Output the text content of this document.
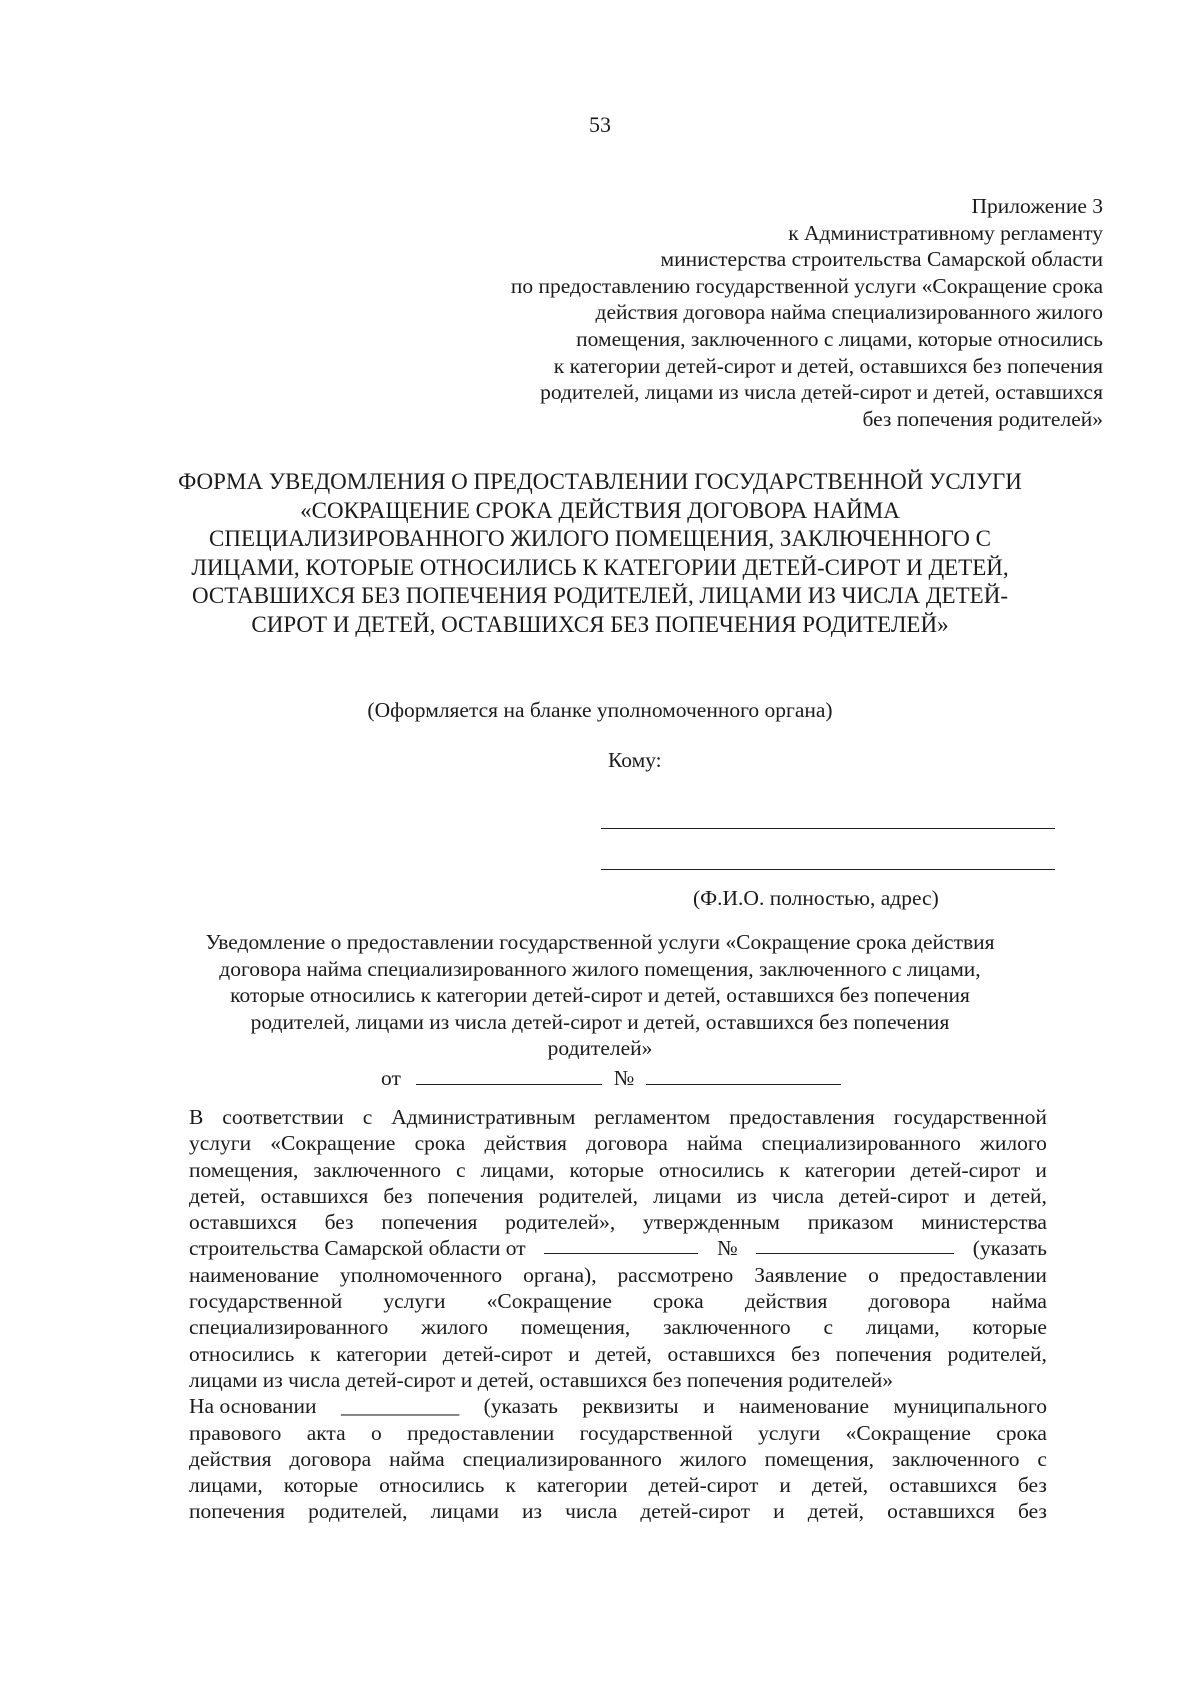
53
Приложение 3
к Административному регламенту
министерства строительства Самарской области
по предоставлению государственной услуги «Сокращение срока
действия договора найма специализированного жилого
помещения, заключенного с лицами, которые относились
к категории детей-сирот и детей, оставшихся без попечения
родителей, лицами из числа детей-сирот и детей, оставшихся
без попечения родителей»
ФОРМА УВЕДОМЛЕНИЯ О ПРЕДОСТАВЛЕНИИ ГОСУДАРСТВЕННОЙ УСЛУГИ
«СОКРАЩЕНИЕ СРОКА ДЕЙСТВИЯ ДОГОВОРА НАЙМА
СПЕЦИАЛИЗИРОВАННОГО ЖИЛОГО ПОМЕЩЕНИЯ, ЗАКЛЮЧЕННОГО С
ЛИЦАМИ, КОТОРЫЕ ОТНОСИЛИСЬ К КАТЕГОРИИ ДЕТЕЙ-СИРОТ И ДЕТЕЙ,
ОСТАВШИХСЯ БЕЗ ПОПЕЧЕНИЯ РОДИТЕЛЕЙ, ЛИЦАМИ ИЗ ЧИСЛА ДЕТЕЙ-
СИРОТ И ДЕТЕЙ, ОСТАВШИХСЯ БЕЗ ПОПЕЧЕНИЯ РОДИТЕЛЕЙ»
(Оформляется на бланке уполномоченного органа)
Кому:
(Ф.И.О. полностью, адрес)
Уведомление о предоставлении государственной услуги «Сокращение срока действия
договора найма специализированного жилого помещения, заключенного с лицами,
которые относились к категории детей-сирот и детей, оставшихся без попечения
родителей, лицами из числа детей-сирот и детей, оставшихся без попечения
родителей»
от	№
В соответствии с Административным регламентом предоставления государственной
услуги «Сокращение срока действия договора найма специализированного жилого
помещения, заключенного с лицами, которые относились к категории детей-сирот и
детей, оставшихся без попечения родителей, лицами из числа детей-сирот и детей,
оставшихся без попечения родителей», утвержденным приказом министерства
строительства Самарской области от	№	(указать
наименование уполномоченного органа), рассмотрено Заявление о предоставлении
государственной услуги «Сокращение срока действия договора найма
специализированного жилого помещения, заключенного с лицами, которые
относились к категории детей-сирот и детей, оставшихся без попечения родителей,
лицами из числа детей-сирот и детей, оставшихся без попечения родителей»
На основании ___________ (указать реквизиты и наименование муниципального
правового акта о предоставлении государственной услуги «Сокращение срока
действия договора найма специализированного жилого помещения, заключенного с
лицами, которые относились к категории детей-сирот и детей, оставшихся без
попечения родителей, лицами из числа детей-сирот и детей, оставшихся без
